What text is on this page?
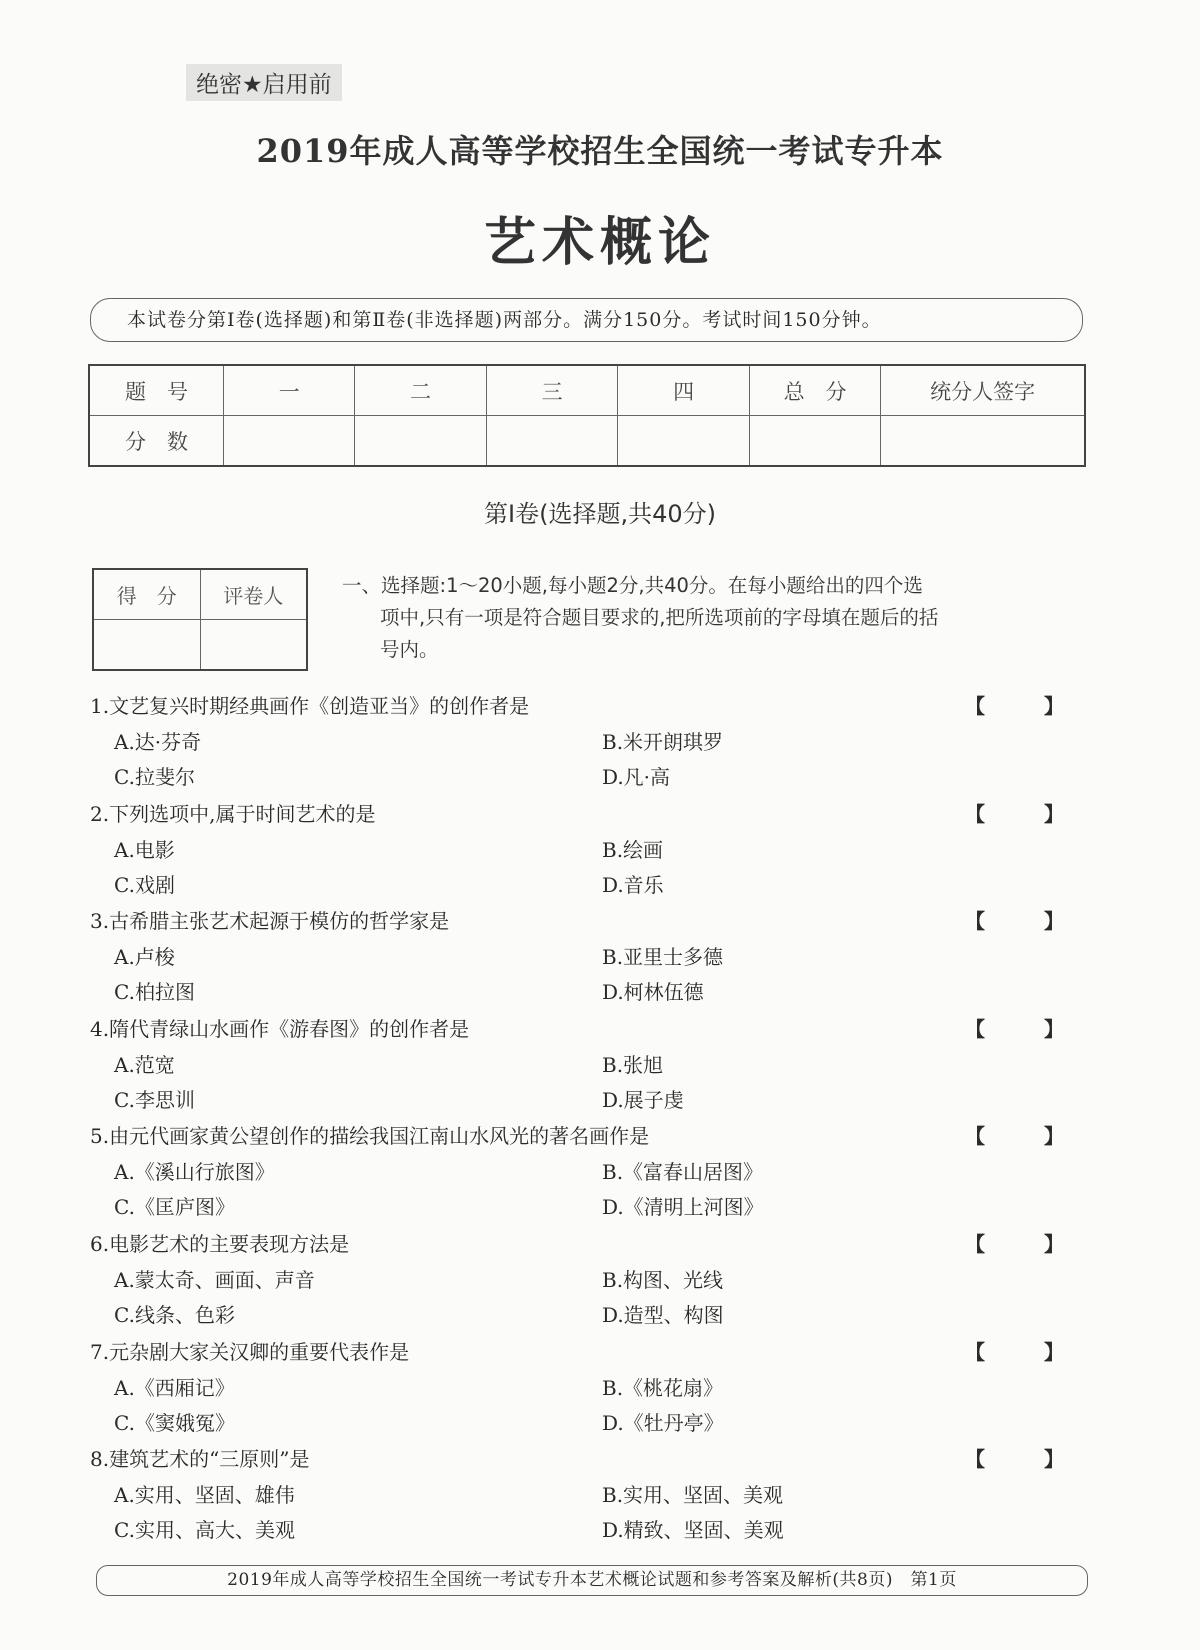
绝密★启用前
2019年成人高等学校招生全国统一考试专升本
艺术概论
本试卷分第Ⅰ卷(选择题)和第Ⅱ卷(非选择题)两部分。满分150分。考试时间150分钟。
题　号	一	二	三	四	总　分	统分人签字
分　数						
第Ⅰ卷(选择题,共40分)
得　分	评卷人
		一、选择题:1～20小题,每小题2分,共40分。在每小题给出的四个选
项中,只有一项是符合题目要求的,把所选项前的字母填在题后的括
号内。
1.文艺复兴时期经典画作《创造亚当》的创作者是	【 】
A.达·芬奇	B.米开朗琪罗
C.拉斐尔	D.凡·高
2.下列选项中,属于时间艺术的是	【 】
A.电影	B.绘画
C.戏剧	D.音乐
3.古希腊主张艺术起源于模仿的哲学家是	【 】
A.卢梭	B.亚里士多德
C.柏拉图	D.柯林伍德
4.隋代青绿山水画作《游春图》的创作者是	【 】
A.范宽	B.张旭
C.李思训	D.展子虔
5.由元代画家黄公望创作的描绘我国江南山水风光的著名画作是	【 】
A.《溪山行旅图》	B.《富春山居图》
C.《匡庐图》	D.《清明上河图》
6.电影艺术的主要表现方法是	【 】
A.蒙太奇、画面、声音	B.构图、光线
C.线条、色彩	D.造型、构图
7.元杂剧大家关汉卿的重要代表作是	【 】
A.《西厢记》	B.《桃花扇》
C.《窦娥冤》	D.《牡丹亭》
8.建筑艺术的“三原则”是	【 】
A.实用、坚固、雄伟	B.实用、坚固、美观
C.实用、高大、美观	D.精致、坚固、美观
2019年成人高等学校招生全国统一考试专升本艺术概论试题和参考答案及解析(共8页)　第1页
